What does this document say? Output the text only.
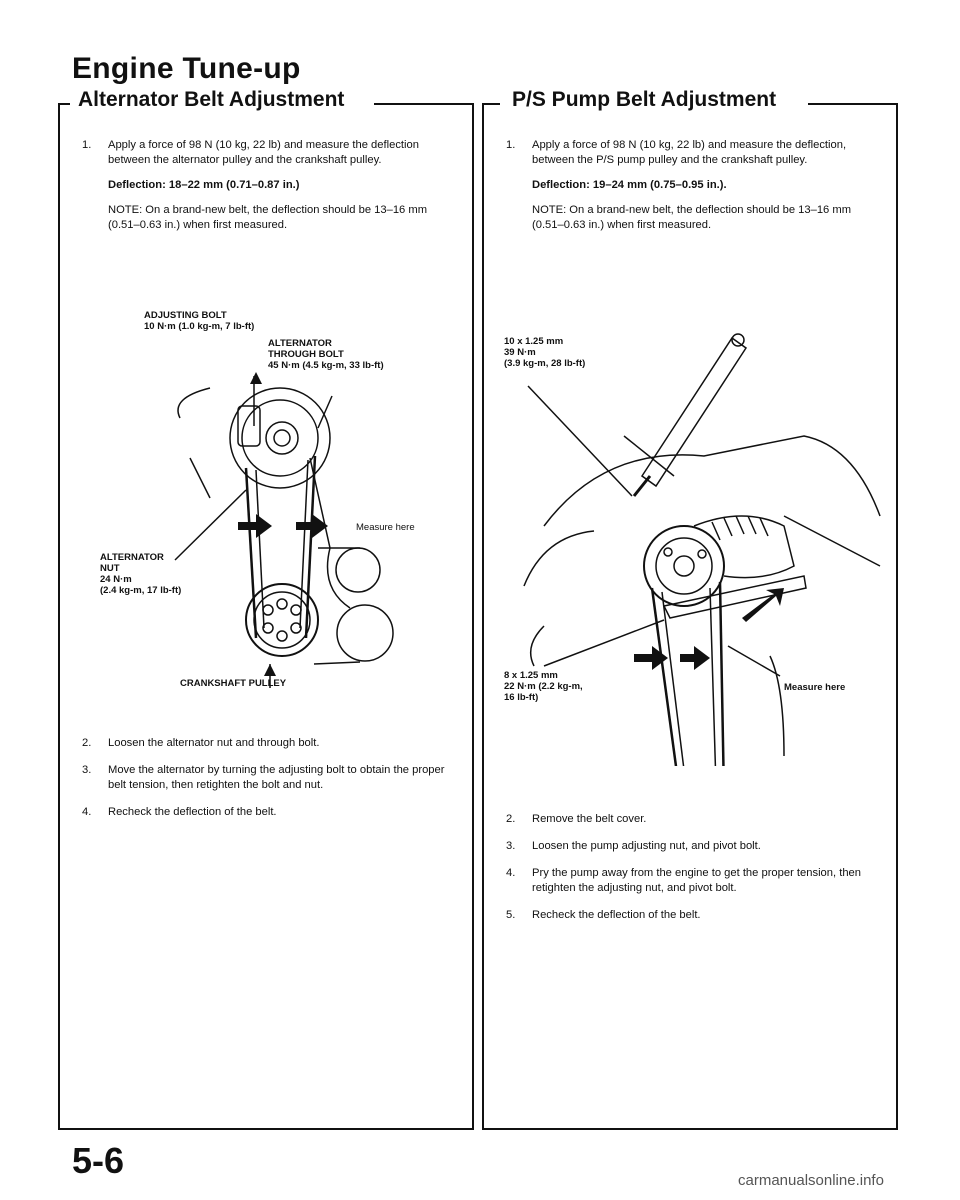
Engine Tune-up
Alternator Belt Adjustment
1.	Apply a force of 98 N (10 kg, 22 lb) and measure the deflection between the alternator pulley and the crankshaft pulley.

Deflection: 18–22 mm (0.71–0.87 in.)

NOTE: On a brand-new belt, the deflection should be 13–16 mm (0.51–0.63 in.) when first measured.

ADJUSTING BOLT
10 N·m (1.0 kg-m, 7 lb-ft)
ALTERNATOR
THROUGH BOLT
45 N·m (4.5 kg-m, 33 lb-ft)
Measure here
ALTERNATOR
NUT
24 N·m
(2.4 kg-m, 17 lb-ft)
CRANKSHAFT PULLEY
2.	Loosen the alternator nut and through bolt.
3.	Move the alternator by turning the adjusting bolt to obtain the proper belt tension, then retighten the bolt and nut.
4.	Recheck the deflection of the belt.
P/S Pump Belt Adjustment
1.	Apply a force of 98 N (10 kg, 22 lb) and measure the deflection, between the P/S pump pulley and the crankshaft pulley.

Deflection: 19–24 mm (0.75–0.95 in.).

NOTE: On a brand-new belt, the deflection should be 13–16 mm (0.51–0.63 in.) when first measured.

10 x 1.25 mm
39 N·m
(3.9 kg-m, 28 lb-ft)
8 x 1.25 mm
22 N·m (2.2 kg-m,
16 lb-ft)
Measure here
2.	Remove the belt cover.
3.	Loosen the pump adjusting nut, and pivot bolt.
4.	Pry the pump away from the engine to get the proper tension, then retighten the adjusting nut, and pivot bolt.
5.	Recheck the deflection of the belt.
5-6	carmanualsonline.info
